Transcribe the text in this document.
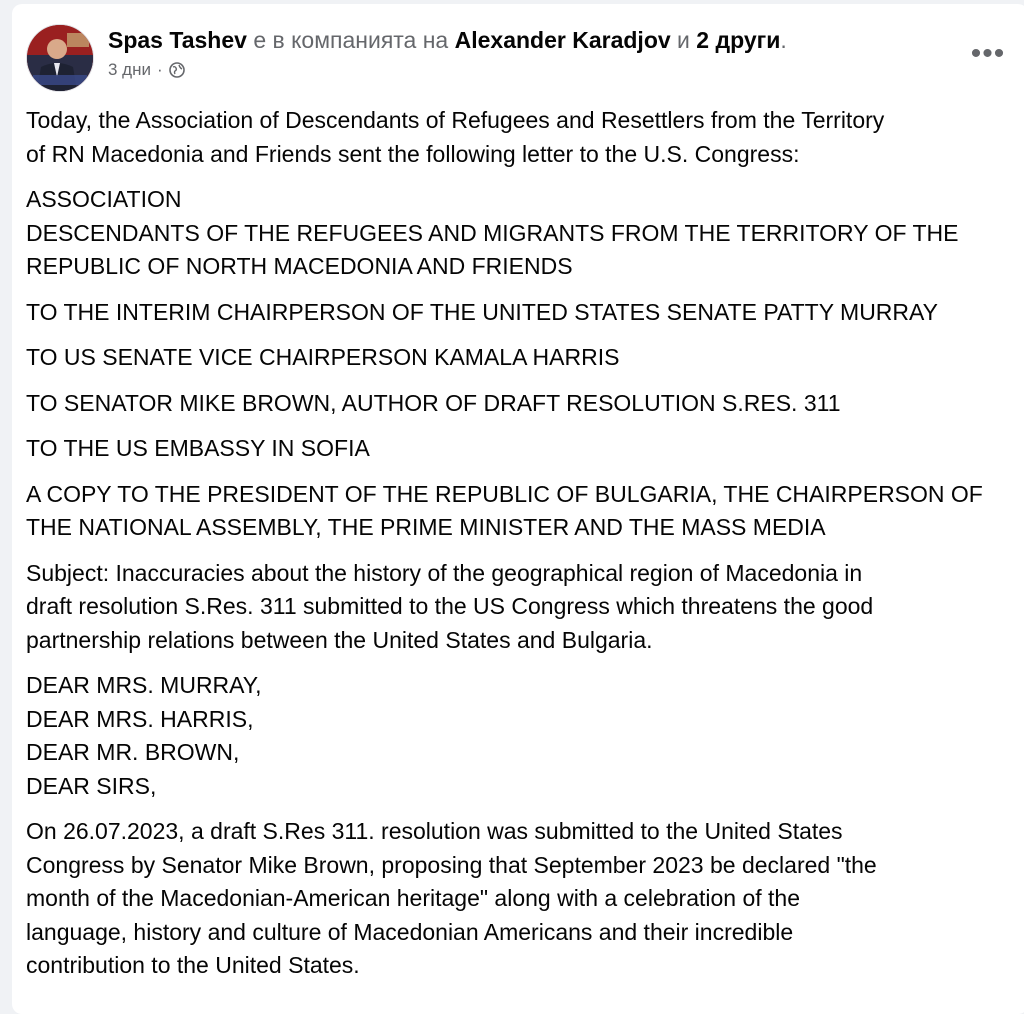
Spas Tashev е в компанията на Alexander Karadjov и 2 други.
3 дни ·	•••

Today, the Association of Descendants of Refugees and Resettlers from the Territory
of RN Macedonia and Friends sent the following letter to the U.S. Congress:

ASSOCIATION
DESCENDANTS OF THE REFUGEES AND MIGRANTS FROM THE TERRITORY OF THE
REPUBLIC OF NORTH MACEDONIA AND FRIENDS

TO THE INTERIM CHAIRPERSON OF THE UNITED STATES SENATE PATTY MURRAY

TO US SENATE VICE CHAIRPERSON KAMALA HARRIS

TO SENATOR MIKE BROWN, AUTHOR OF DRAFT RESOLUTION S.RES. 311

TO THE US EMBASSY IN SOFIA

A COPY TO THE PRESIDENT OF THE REPUBLIC OF BULGARIA, THE CHAIRPERSON OF
THE NATIONAL ASSEMBLY, THE PRIME MINISTER AND THE MASS MEDIA

Subject: Inaccuracies about the history of the geographical region of Macedonia in
draft resolution S.Res. 311 submitted to the US Congress which threatens the good
partnership relations between the United States and Bulgaria.

DEAR MRS. MURRAY,
DEAR MRS. HARRIS,
DEAR MR. BROWN,
DEAR SIRS,

On 26.07.2023, a draft S.Res 311. resolution was submitted to the United States
Congress by Senator Mike Brown, proposing that September 2023 be declared "the
month of the Macedonian-American heritage" along with a celebration of the
language, history and culture of Macedonian Americans and their incredible
contribution to the United States.
